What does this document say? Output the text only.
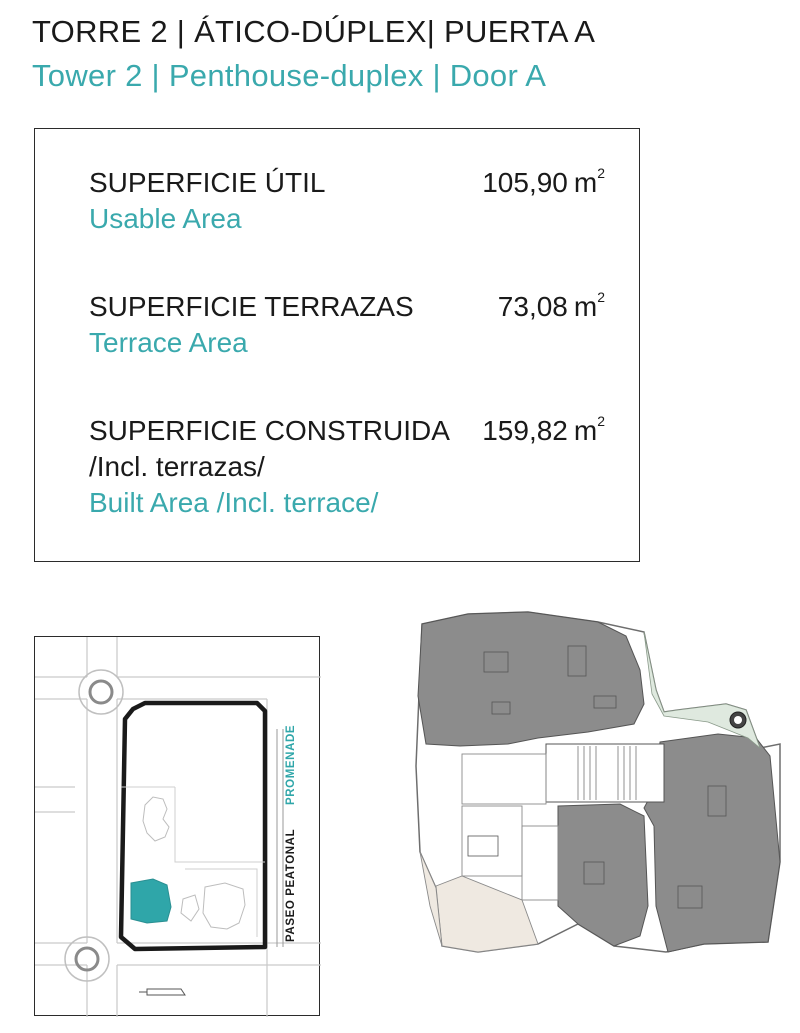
TORRE 2 | ÁTICO-DÚPLEX| PUERTA A
Tower 2 | Penthouse-duplex | Door A
SUPERFICIE ÚTIL
Usable Area
105,90 $m^2$
SUPERFICIE TERRAZAS
Terrace Area
73,08 $m^2$
SUPERFICIE CONSTRUIDA
/Incl. terrazas/
Built Area /Incl. terrace/
159,82 $m^2$
PROMENADE
PASEO PEATONAL
